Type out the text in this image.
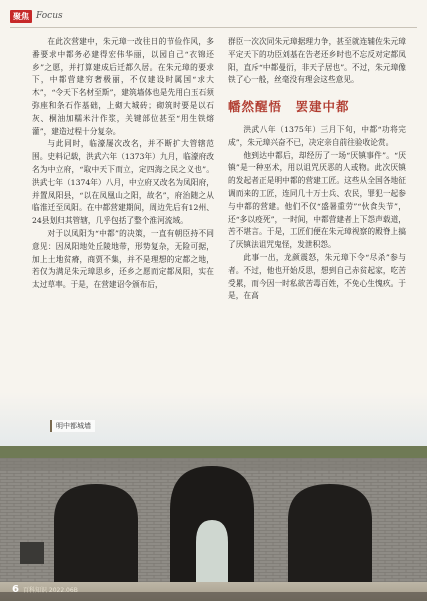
聚焦 Focus

在此次营建中，朱元璋一改往日的节俭作风，多番要求中都务必建得宏伟华丽，以园自己“衣锦还乡”之愿，并打算建成后迁都久居。在朱元璋的要求下，中都营建穷奢极丽，不仅建设时属国“求大木”，“令天下名材至斯”，建筑墙体也是先用白玉石须弥座和条石作基础，上砌大城砖；砌筑时要是以石灰、桐油加糯米汁作浆，关键部位甚至“用生铁熔灌”，建造过程十分复杂。

与此同时，临濠屡次改名，并不断扩大管辖范围。史料记载，洪武六年（1373年）九月，临濠府改名为中立府，“取中天下而立，定四海之民之义也”。洪武七年（1374年）八月，中立府又改名为凤阳府，并置凤阳县，“以在凤凰山之阳，故名”，府治随之从临淮迁至凤阳。在中都营建期间，周边先后有12州、24县划归其管辖，几乎包括了整个淮河流域。

对于以凤阳为“中都”的决策，一直有朝臣持不同意见：因凤阳地处丘陵地带，形势复杂，无险可据，加上土地贫瘠，商贾不集，并不是理想的定都之地，若仅为满足朱元璋思乡，还乡之愿而定都凤阳，实在太过草率。于是，在营建诏令颁布后，

群臣一次次同朱元璋据理力争，甚至就连辅佐朱元璋平定天下的功臣刘基在告老还乡时也不忘反对定都凤阳，直斥“中都曼衍，非天子居也”。不过，朱元璋像铁了心一般，丝毫没有理会这些意见。

幡然醒悟　罢建中都

洪武八年（1375年）三月下旬，中都“功将完成”，朱元璋兴奋不已，决定亲自前往验收论赏。

他到达中都后，却经历了一场“厌镇事件”。“厌镇”是一种巫术，用以诅咒厌恶的人或物。此次厌镇的发起者正是明中都的营建工匠。这些从全国各地征调而来的工匠，连同几十万士兵、农民，罪犯一起参与中都的营建。他们不仅“盛暑重劳”“伙食失节”，还“多以疫死”，一时间，中都营建者上下怨声载道，苦不堪言。于是，工匠们便在朱元璋视察的殿脊上搞了厌镇法诅咒鬼怪，发泄积怨。

此事一出，龙颜震怒，朱元璋下令“尽杀”参与者。不过，他也开始反思，想到自己赤贫起家，吃苦受累，而今因一时私欲苦毒百姓，不免心生愧疚。于是，在高

明中都城墙
6 百科知识 2022.06B
